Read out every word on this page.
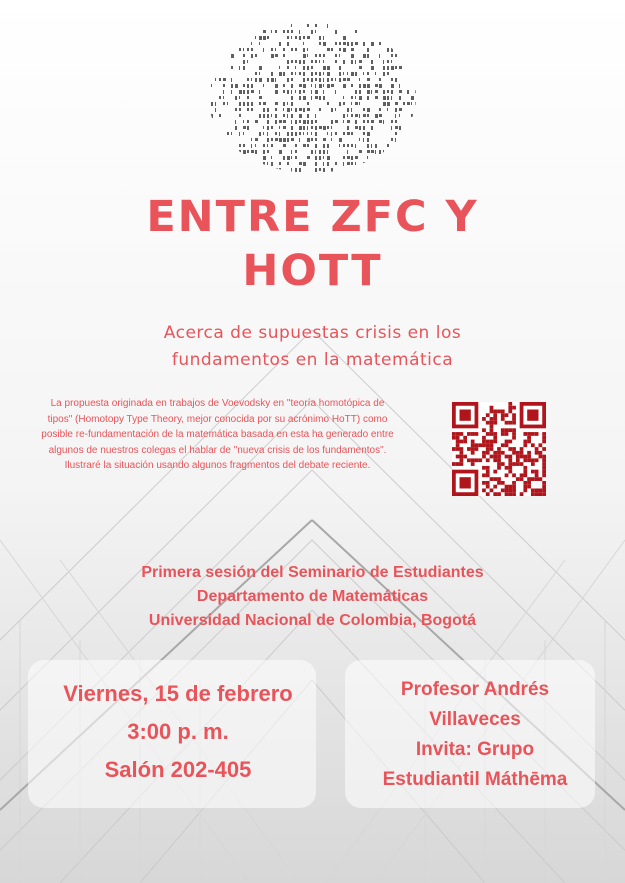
ENTRE ZFC Y
HOTT
Acerca de supuestas crisis en los
fundamentos en la matemática

La propuesta originada en trabajos de Voevodsky en "teoría homotópica de tipos" (Homotopy Type Theory, mejor conocida por su acrónimo HoTT) como posible re-fundamentación de la matemática basada en esta ha generado entre algunos de nuestros colegas el hablar de "nueva crisis de los fundamentos". Ilustraré la situación usando algunos fragmentos del debate reciente.

Primera sesión del Seminario de Estudiantes
Departamento de Matemáticas
Universidad Nacional de Colombia, Bogotá
Viernes, 15 de febrero
3:00 p. m.
Salón 202-405
Profesor Andrés
Villaveces
Invita: Grupo
Estudiantil Máthēma
